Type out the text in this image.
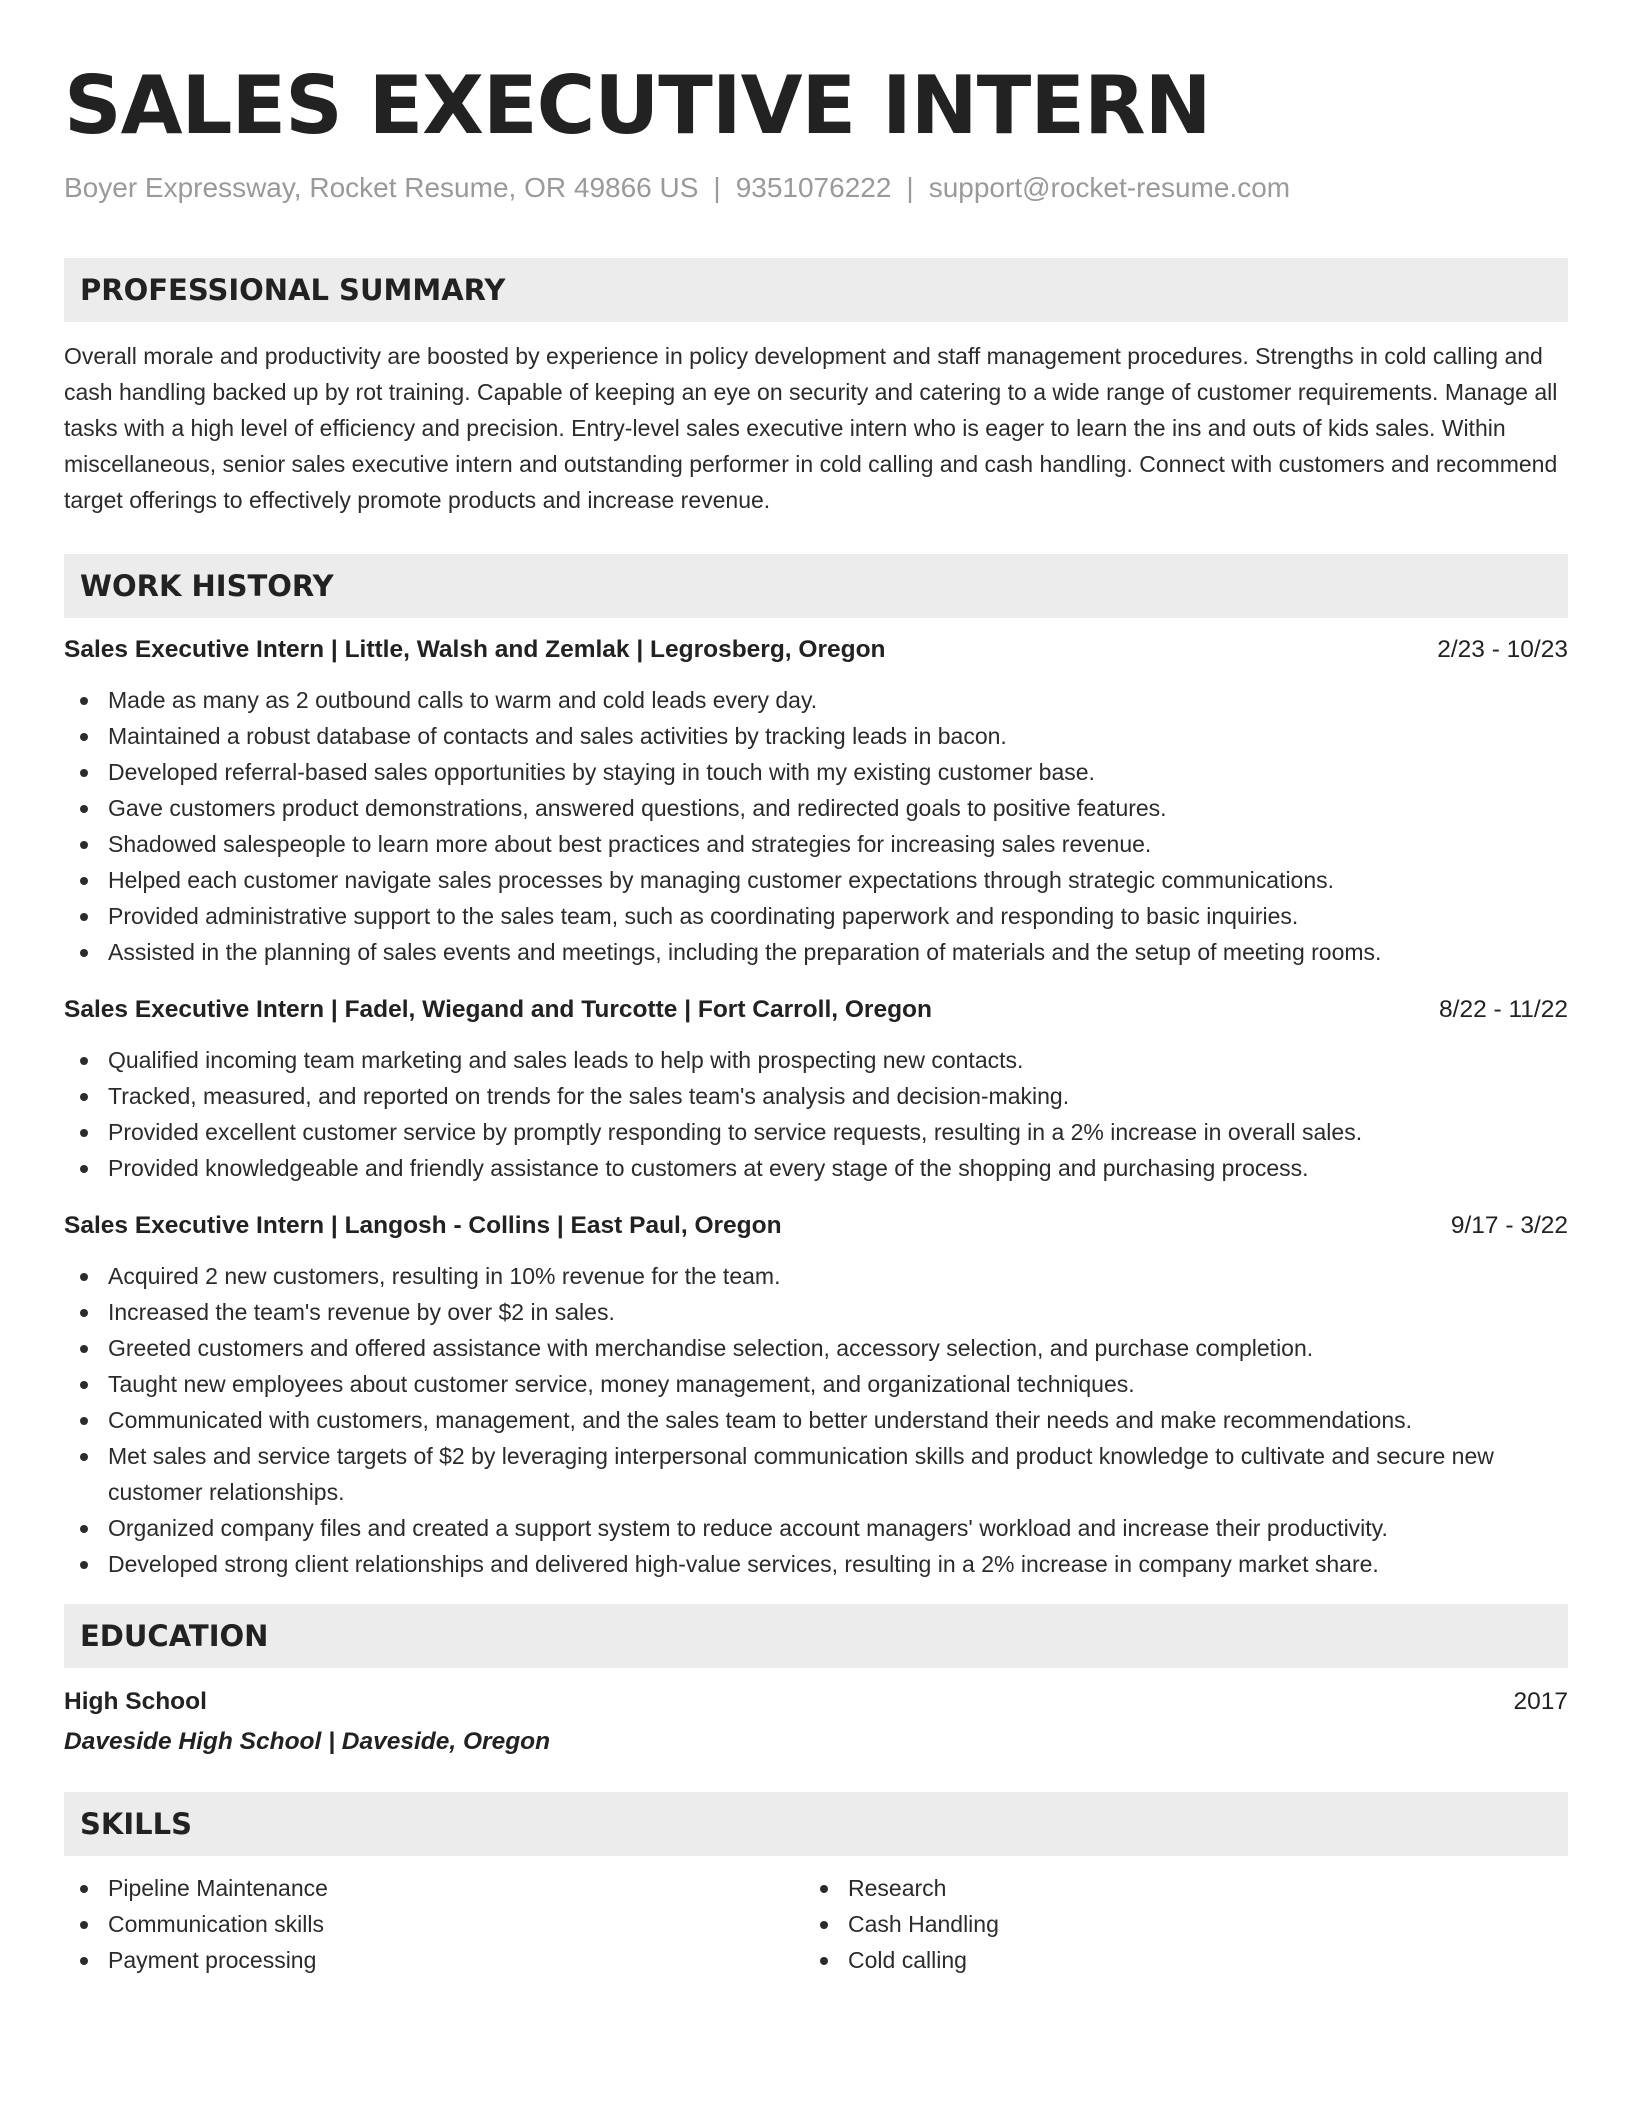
SALES EXECUTIVE INTERN
Boyer Expressway, Rocket Resume, OR 49866 US | 9351076222 | support@rocket-resume.com
PROFESSIONAL SUMMARY

Overall morale and productivity are boosted by experience in policy development and staff management procedures. Strengths in cold calling and cash handling backed up by rot training. Capable of keeping an eye on security and catering to a wide range of customer requirements. Manage all tasks with a high level of efficiency and precision. Entry-level sales executive intern who is eager to learn the ins and outs of kids sales. Within miscellaneous, senior sales executive intern and outstanding performer in cold calling and cash handling. Connect with customers and recommend target offerings to effectively promote products and increase revenue.

WORK HISTORY
Sales Executive Intern | Little, Walsh and Zemlak | Legrosberg, Oregon	2/23 - 10/23
Made as many as 2 outbound calls to warm and cold leads every day.
Maintained a robust database of contacts and sales activities by tracking leads in bacon.
Developed referral-based sales opportunities by staying in touch with my existing customer base.
Gave customers product demonstrations, answered questions, and redirected goals to positive features.
Shadowed salespeople to learn more about best practices and strategies for increasing sales revenue.
Helped each customer navigate sales processes by managing customer expectations through strategic communications.
Provided administrative support to the sales team, such as coordinating paperwork and responding to basic inquiries.
Assisted in the planning of sales events and meetings, including the preparation of materials and the setup of meeting rooms.
Sales Executive Intern | Fadel, Wiegand and Turcotte | Fort Carroll, Oregon	8/22 - 11/22
Qualified incoming team marketing and sales leads to help with prospecting new contacts.
Tracked, measured, and reported on trends for the sales team's analysis and decision-making.
Provided excellent customer service by promptly responding to service requests, resulting in a 2% increase in overall sales.
Provided knowledgeable and friendly assistance to customers at every stage of the shopping and purchasing process.
Sales Executive Intern | Langosh - Collins | East Paul, Oregon	9/17 - 3/22
Acquired 2 new customers, resulting in 10% revenue for the team.
Increased the team's revenue by over $2 in sales.
Greeted customers and offered assistance with merchandise selection, accessory selection, and purchase completion.
Taught new employees about customer service, money management, and organizational techniques.
Communicated with customers, management, and the sales team to better understand their needs and make recommendations.
Met sales and service targets of $2 by leveraging interpersonal communication skills and product knowledge to cultivate and secure new customer relationships.
Organized company files and created a support system to reduce account managers' workload and increase their productivity.
Developed strong client relationships and delivered high-value services, resulting in a 2% increase in company market share.
EDUCATION
High School	2017
Daveside High School | Daveside, Oregon
SKILLS
Pipeline Maintenance
Communication skills
Payment processing
Research
Cash Handling
Cold calling
